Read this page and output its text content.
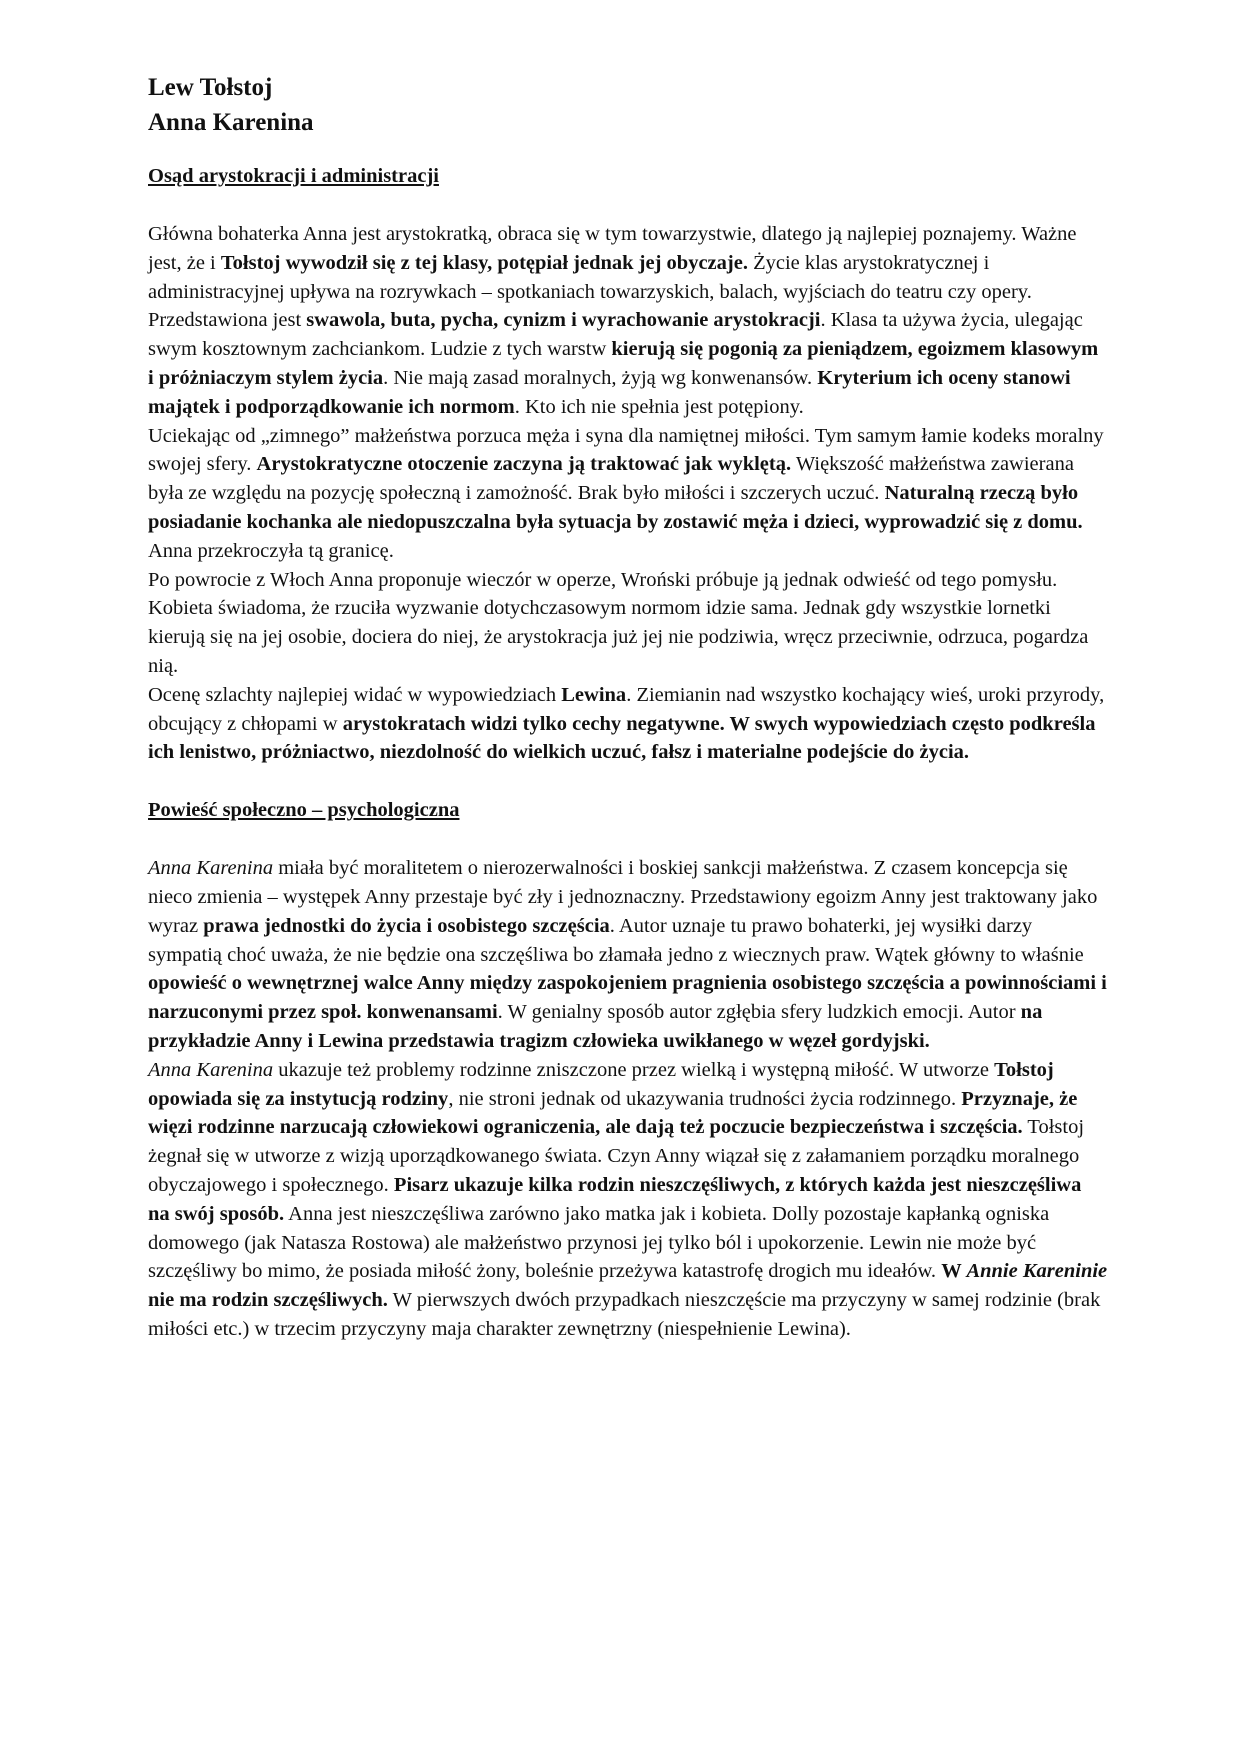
Lew Tołstoj
Anna Karenina
Osąd arystokracji i administracji

Główna bohaterka Anna jest arystokratką, obraca się w tym towarzystwie, dlatego ją najlepiej poznajemy. Ważne jest, że i Tołstoj wywodził się z tej klasy, potępiał jednak jej obyczaje. Życie klas arystokratycznej i administracyjnej upływa na rozrywkach – spotkaniach towarzyskich, balach, wyjściach do teatru czy opery.

Przedstawiona jest swawola, buta, pycha, cynizm i wyrachowanie arystokracji. Klasa ta używa życia, ulegając swym kosztownym zachciankom. Ludzie z tych warstw kierują się pogonią za pieniądzem, egoizmem klasowym i próżniaczym stylem życia. Nie mają zasad moralnych, żyją wg konwenansów. Kryterium ich oceny stanowi majątek i podporządkowanie ich normom. Kto ich nie spełnia jest potępiony.

Uciekając od „zimnego” małżeństwa porzuca męża i syna dla namiętnej miłości. Tym samym łamie kodeks moralny swojej sfery. Arystokratyczne otoczenie zaczyna ją traktować jak wyklętą. Większość małżeństwa zawierana była ze względu na pozycję społeczną i zamożność. Brak było miłości i szczerych uczuć. Naturalną rzeczą było posiadanie kochanka ale niedopuszczalna była sytuacja by zostawić męża i dzieci, wyprowadzić się z domu. Anna przekroczyła tą granicę.

Po powrocie z Włoch Anna proponuje wieczór w operze, Wroński próbuje ją jednak odwieść od tego pomysłu. Kobieta świadoma, że rzuciła wyzwanie dotychczasowym normom idzie sama. Jednak gdy wszystkie lornetki kierują się na jej osobie, dociera do niej, że arystokracja już jej nie podziwia, wręcz przeciwnie, odrzuca, pogardza nią.

Ocenę szlachty najlepiej widać w wypowiedziach Lewina. Ziemianin nad wszystko kochający wieś, uroki przyrody, obcujący z chłopami w arystokratach widzi tylko cechy negatywne. W swych wypowiedziach często podkreśla ich lenistwo, próżniactwo, niezdolność do wielkich uczuć, fałsz i materialne podejście do życia.

Powieść społeczno – psychologiczna

Anna Karenina miała być moralitetem o nierozerwalności i boskiej sankcji małżeństwa. Z czasem koncepcja się nieco zmienia – występek Anny przestaje być zły i jednoznaczny. Przedstawiony egoizm Anny jest traktowany jako wyraz prawa jednostki do życia i osobistego szczęścia. Autor uznaje tu prawo bohaterki, jej wysiłki darzy sympatią choć uważa, że nie będzie ona szczęśliwa bo złamała jedno z wiecznych praw. Wątek główny to właśnie opowieść o wewnętrznej walce Anny między zaspokojeniem pragnienia osobistego szczęścia a powinnościami i narzuconymi przez społ. konwenansami. W genialny sposób autor zgłębia sfery ludzkich emocji. Autor na przykładzie Anny i Lewina przedstawia tragizm człowieka uwikłanego w węzeł gordyjski.

Anna Karenina ukazuje też problemy rodzinne zniszczone przez wielką i występną miłość. W utworze Tołstoj opowiada się za instytucją rodziny, nie stroni jednak od ukazywania trudności życia rodzinnego. Przyznaje, że więzi rodzinne narzucają człowiekowi ograniczenia, ale dają też poczucie bezpieczeństwa i szczęścia. Tołstoj żegnał się w utworze z wizją uporządkowanego świata. Czyn Anny wiązał się z załamaniem porządku moralnego obyczajowego i społecznego. Pisarz ukazuje kilka rodzin nieszczęśliwych, z których każda jest nieszczęśliwa na swój sposób. Anna jest nieszczęśliwa zarówno jako matka jak i kobieta. Dolly pozostaje kapłanką ogniska domowego (jak Natasza Rostowa) ale małżeństwo przynosi jej tylko ból i upokorzenie. Lewin nie może być szczęśliwy bo mimo, że posiada miłość żony, boleśnie przeżywa katastrofę drogich mu ideałów. W Annie Kareninie nie ma rodzin szczęśliwych. W pierwszych dwóch przypadkach nieszczęście ma przyczyny w samej rodzinie (brak miłości etc.) w trzecim przyczyny maja charakter zewnętrzny (niespełnienie Lewina).
